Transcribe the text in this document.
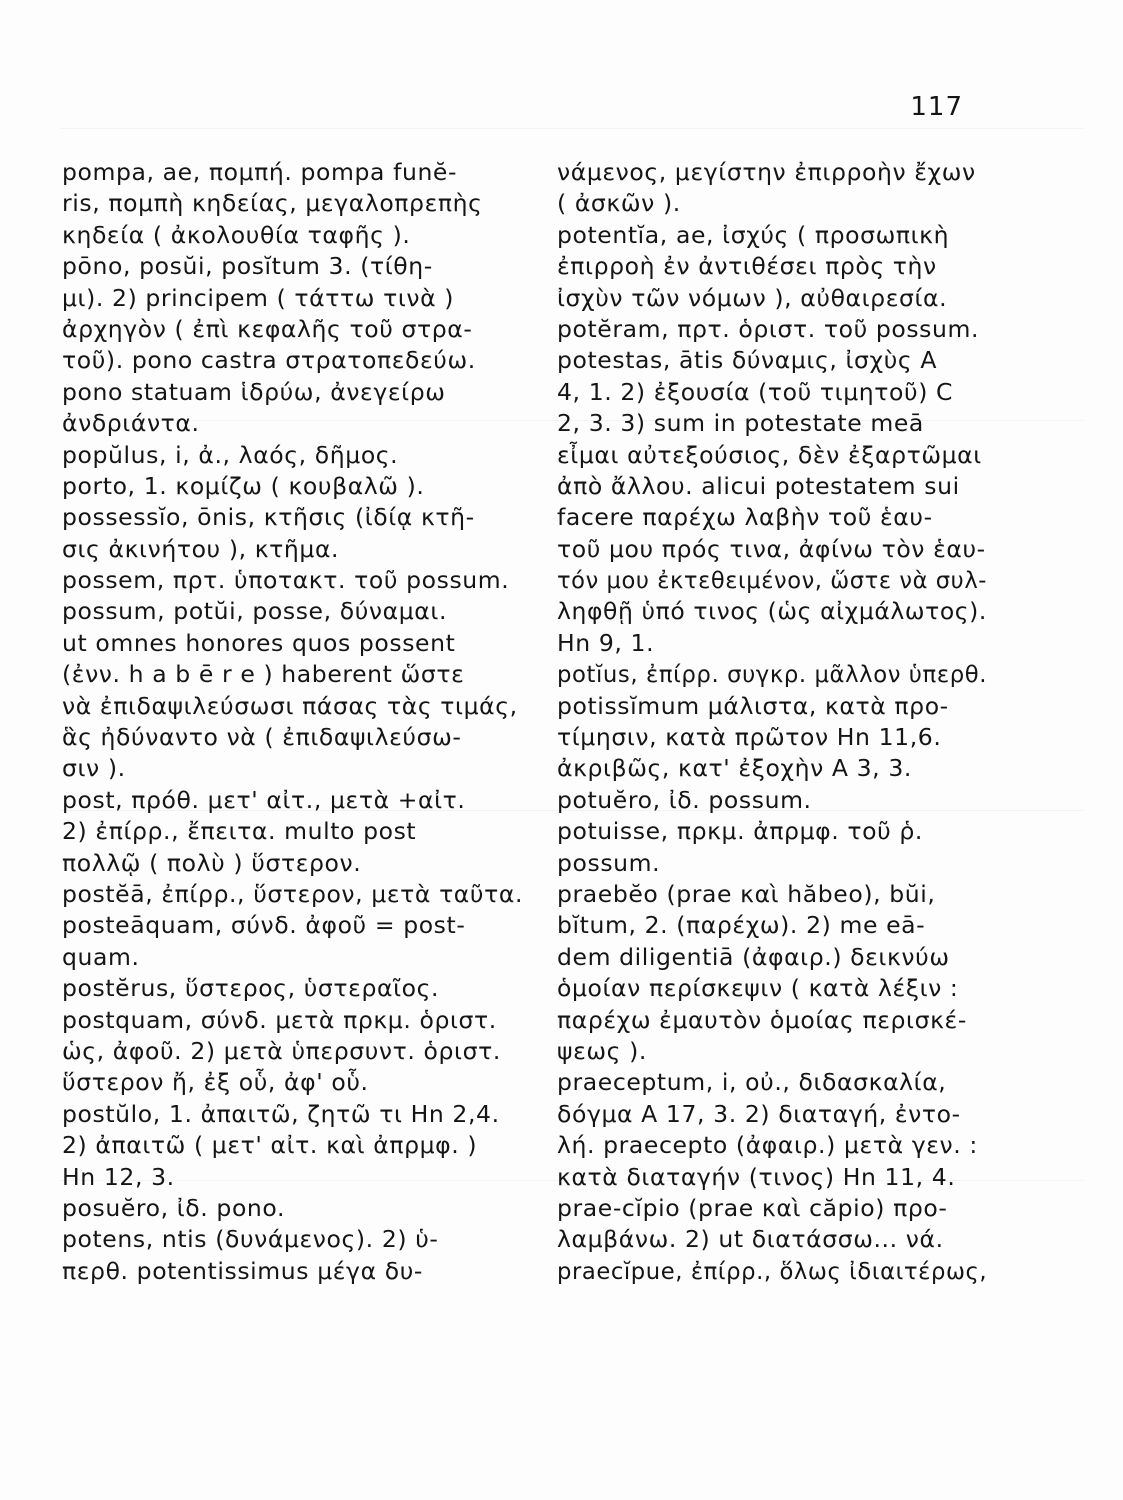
117
pompa, ae, πομπή. pompa funĕ-
ris, πομπὴ κηδείας, μεγαλοπρεπὴς
κηδεία ( ἀκολουθία ταφῆς ).
pōno, posŭi, posĭtum 3. (τίθη-
μι). 2) principem ( τάττω τινὰ )
ἀρχηγὸν ( ἐπὶ κεφαλῆς τοῦ στρα-
τοῦ). pono castra στρατοπεδεύω.
pono statuam ἱδρύω, ἀνεγείρω
ἀνδριάντα.
popŭlus, i, ἀ., λαός, δῆμος.
porto, 1. κομίζω ( κουβαλῶ ).
possessĭo, ōnis, κτῆσις (ἰδίᾳ κτῆ-
σις ἀκινήτου ), κτῆμα.
possem, πρτ. ὑποτακτ. τοῦ possum.
possum, potŭi, posse, δύναμαι.
ut omnes honores quos possent
(ἐνν. h a b ē r e ) haberent ὥστε
νὰ ἐπιδαψιλεύσωσι πάσας τὰς τιμάς,
ἃς ἠδύναντο νὰ ( ἐπιδαψιλεύσω-
σιν ).
post, πρόθ. μετ' αἰτ., μετὰ +αἰτ.
2) ἐπίρρ., ἔπειτα. multo post
πολλῷ ( πολὺ ) ὕστερον.
postĕā, ἐπίρρ., ὕστερον, μετὰ ταῦτα.
posteāquam, σύνδ. ἀφοῦ = post-
quam.
postĕrus, ὕστερος, ὑστεραῖος.
postquam, σύνδ. μετὰ πρκμ. ὁριστ.
ὡς, ἀφοῦ. 2) μετὰ ὑπερσυντ. ὁριστ.
ὕστερον ἤ, ἐξ οὗ, ἀφ' οὗ.
postŭlo, 1. ἀπαιτῶ, ζητῶ τι Hn 2,4.
2) ἀπαιτῶ ( μετ' αἰτ. καὶ ἀπρμφ. )
Hn 12, 3.
posuĕro, ἰδ. pono.
potens, ntis (δυνάμενος). 2) ὑ-
περθ. potentissimus μέγα δυ-
νάμενος, μεγίστην ἐπιρροὴν ἔχων
( ἀσκῶν ).
potentĭa, ae, ἰσχύς ( προσωπικὴ
ἐπιρροὴ ἐν ἀντιθέσει πρὸς τὴν
ἰσχὺν τῶν νόμων ), αὐθαιρεσία.
potĕram, πρτ. ὁριστ. τοῦ possum.
potestas, ātis δύναμις, ἰσχὺς A
4, 1. 2) ἐξουσία (τοῦ τιμητοῦ) C
2, 3. 3) sum in potestate meā
εἶμαι αὐτεξούσιος, δὲν ἐξαρτῶμαι
ἀπὸ ἄλλου. alicui potestatem sui
facere παρέχω λαβὴν τοῦ ἑαυ-
τοῦ μου πρός τινα, ἀφίνω τὸν ἑαυ-
τόν μου ἐκτεθειμένον, ὥστε νὰ συλ-
ληφθῇ ὑπό τινος (ὡς αἰχμάλωτος).
Hn 9, 1.
potĭus, ἐπίρρ. συγκρ. μᾶλλον ὑπερθ.
potissĭmum μάλιστα, κατὰ προ-
τίμησιν, κατὰ πρῶτον Hn 11,6.
ἀκριβῶς, κατ' ἐξοχὴν A 3, 3.
potuĕro, ἰδ. possum.
potuisse, πρκμ. ἀπρμφ. τοῦ ῥ.
possum.
praebĕo (prae καὶ hăbeo), bŭi,
bĭtum, 2. (παρέχω). 2) me eā-
dem diligentiā (ἀφαιρ.) δεικνύω
ὁμοίαν περίσκεψιν ( κατὰ λέξιν :
παρέχω ἐμαυτὸν ὁμοίας περισκέ-
ψεως ).
praeceptum, i, οὐ., διδασκαλία,
δόγμα A 17, 3. 2) διαταγή, ἐντο-
λή. praecepto (ἀφαιρ.) μετὰ γεν. :
κατὰ διαταγήν (τινος) Hn 11, 4.
prae-cĭpio (prae καὶ căpio) προ-
λαμβάνω. 2) ut διατάσσω... νά.
praecĭpue, ἐπίρρ., ὅλως ἰδιαιτέρως,
